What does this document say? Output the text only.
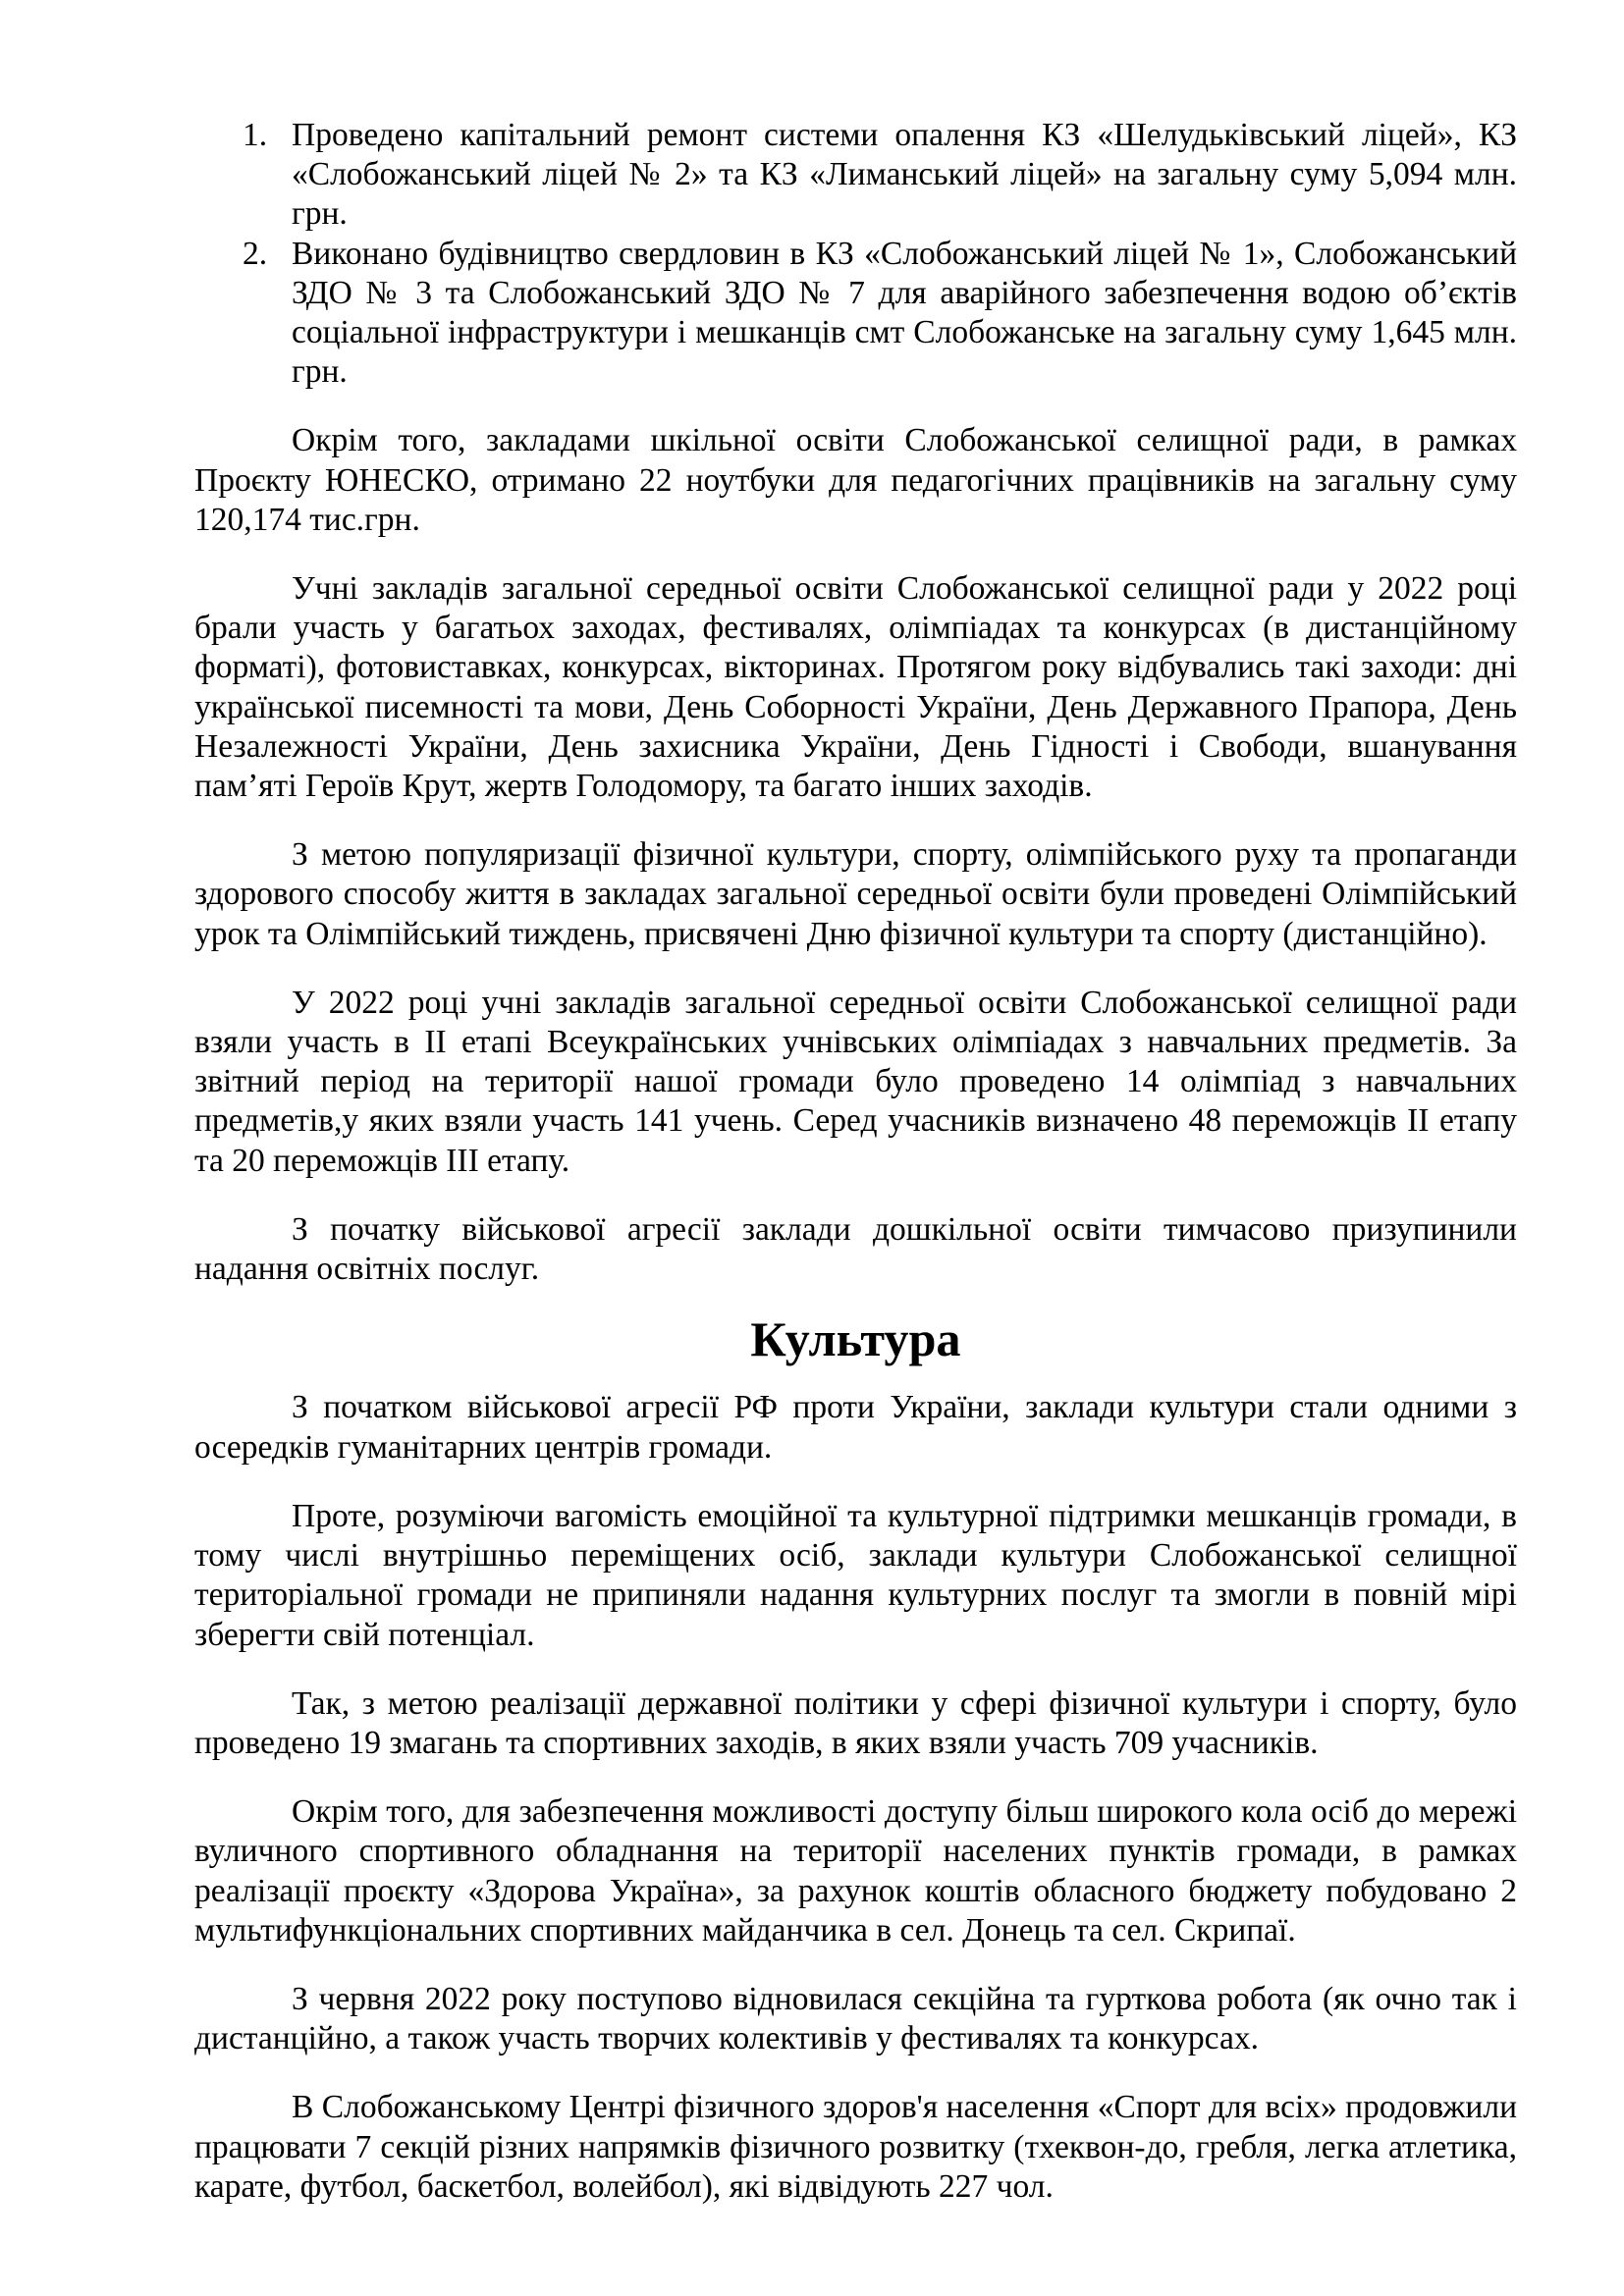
1. Проведено капітальний ремонт системи опалення КЗ «Шелудьківський ліцей», КЗ «Слобожанський ліцей № 2» та КЗ «Лиманський ліцей» на загальну суму 5,094 млн. грн.
2. Виконано будівництво свердловин в КЗ «Слобожанський ліцей № 1», Слобожанський ЗДО № 3 та Слобожанський ЗДО № 7 для аварійного забезпечення водою об’єктів соціальної інфраструктури і мешканців смт Слобожанське на загальну суму 1,645 млн. грн.

Окрім того, закладами шкільної освіти Слобожанської селищної ради, в рамках Проєкту ЮНЕСКО, отримано 22 ноутбуки для педагогічних працівників на загальну суму 120,174 тис.грн.

Учні закладів загальної середньої освіти Слобожанської селищної ради у 2022 році брали участь у багатьох заходах, фестивалях, олімпіадах та конкурсах (в дистанційному форматі), фотовиставках, конкурсах, вікторинах. Протягом року відбувались такі заходи: дні української писемності та мови, День Соборності України, День Державного Прапора, День Незалежності України, День захисника України, День Гідності і Свободи, вшанування пам’яті Героїв Крут, жертв Голодомору, та багато інших заходів.

З метою популяризації фізичної культури, спорту, олімпійського руху та пропаганди здорового способу життя в закладах загальної середньої освіти були проведені Олімпійський урок та Олімпійський тиждень, присвячені Дню фізичної культури та спорту (дистанційно).

У 2022 році учні закладів загальної середньої освіти Слобожанської селищної ради взяли участь в ІІ етапі Всеукраїнських учнівських олімпіадах з навчальних предметів. За звітний період на території нашої громади було проведено 14 олімпіад з навчальних предметів,у яких взяли участь 141 учень. Серед учасників визначено 48 переможців ІІ етапу та 20 переможців ІІІ етапу.

З початку військової агресії заклади дошкільної освіти тимчасово призупинили надання освітніх послуг.

Культура

З початком військової агресії РФ проти України, заклади культури стали одними з осередків гуманітарних центрів громади.

Проте, розуміючи вагомість емоційної та культурної підтримки мешканців громади, в тому числі внутрішньо переміщених осіб, заклади культури Слобожанської селищної територіальної громади не припиняли надання культурних послуг та змогли в повній мірі зберегти свій потенціал.

Так, з метою реалізації державної політики у сфері фізичної культури і спорту, було проведено 19 змагань та спортивних заходів, в яких взяли участь 709 учасників.

Окрім того, для забезпечення можливості доступу більш широкого кола осіб до мережі вуличного спортивного обладнання на території населених пунктів громади, в рамках реалізації проєкту «Здорова Україна», за рахунок коштів обласного бюджету побудовано 2 мультифункціональних спортивних майданчика в сел. Донець та сел. Скрипаї.

З червня 2022 року поступово відновилася секційна та гурткова робота (як очно так і дистанційно, а також участь творчих колективів у фестивалях та конкурсах.

В Слобожанському Центрі фізичного здоров'я населення «Спорт для всіх» продовжили працювати 7 секцій різних напрямків фізичного розвитку (тхеквон-до, гребля, легка атлетика, карате, футбол, баскетбол, волейбол), які відвідують 227 чол.
